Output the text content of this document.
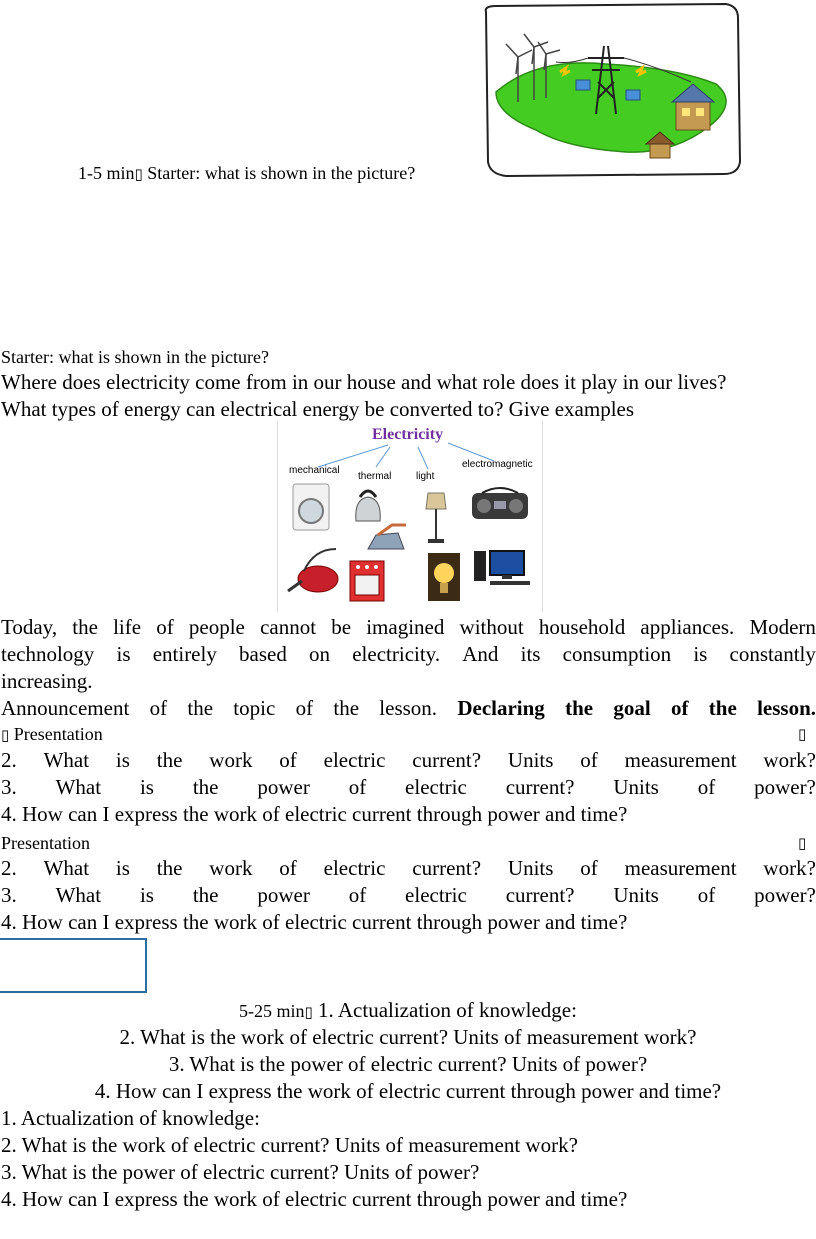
1-5 min▯ Starter: what is shown in the picture?
Starter: what is shown in the picture?
Where does electricity come from in our house and what role does it play in our lives?
What types of energy can electrical energy be converted to? Give examples
Electricity
mechanical
thermal light
electromagnetic
Today, the life of people cannot be imagined without household appliances. Modern
technology is entirely based on electricity. And its consumption is constantly
increasing.
Announcement of the topic of the lesson. Declaring the goal of the lesson.
▯ Presentation	▯
2. What is the work of electric current? Units of measurement work?
3. What is the power of electric current? Units of power?
4. How can I express the work of electric current through power and time?
Presentation	▯
2. What is the work of electric current? Units of measurement work?
3. What is the power of electric current? Units of power?
4. How can I express the work of electric current through power and time?
5-25 min▯ 1. Actualization of knowledge:
2. What is the work of electric current? Units of measurement work?
3. What is the power of electric current? Units of power?
4. How can I express the work of electric current through power and time?
1. Actualization of knowledge:
2. What is the work of electric current? Units of measurement work?
3. What is the power of electric current? Units of power?
4. How can I express the work of electric current through power and time?
